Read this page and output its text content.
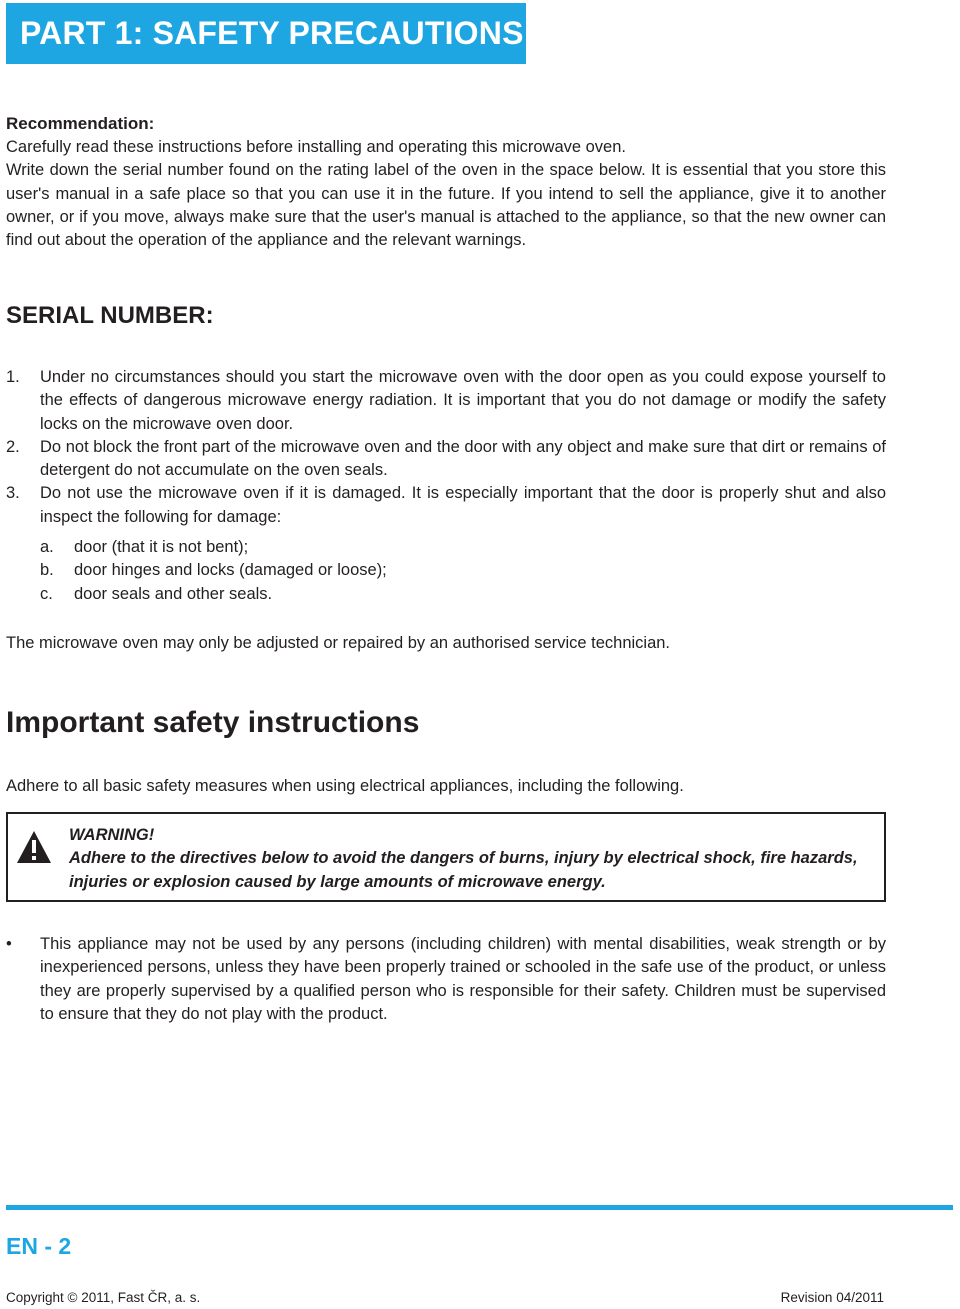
PART 1: SAFETY PRECAUTIONS
Recommendation:
Carefully read these instructions before installing and operating this microwave oven.
Write down the serial number found on the rating label of the oven in the space below. It is essential that you store this user's manual in a safe place so that you can use it in the future. If you intend to sell the appliance, give it to another owner, or if you move, always make sure that the user's manual is attached to the appliance, so that the new owner can find out about the operation of the appliance and the relevant warnings.
SERIAL NUMBER:
1.	Under no circumstances should you start the microwave oven with the door open as you could expose yourself to the effects of dangerous microwave energy radiation. It is important that you do not damage or modify the safety locks on the microwave oven door.
2.	Do not block the front part of the microwave oven and the door with any object and make sure that dirt or remains of detergent do not accumulate on the oven seals.
3.	Do not use the microwave oven if it is damaged. It is especially important that the door is properly shut and also inspect the following for damage:
a.	door (that it is not bent);
b.	door hinges and locks (damaged or loose);
c.	door seals and other seals.
The microwave oven may only be adjusted or repaired by an authorised service technician.
Important safety instructions
Adhere to all basic safety measures when using electrical appliances, including the following.
WARNING!
Adhere to the directives below to avoid the dangers of burns, injury by electrical shock, fire hazards, injuries or explosion caused by large amounts of microwave energy.
•	This appliance may not be used by any persons (including children) with mental disabilities, weak strength or by inexperienced persons, unless they have been properly trained or schooled in the safe use of the product, or unless they are properly supervised by a qualified person who is responsible for their safety. Children must be supervised to ensure that they do not play with the product.
EN - 2
Copyright © 2011, Fast ČR, a. s.	Revision 04/2011
